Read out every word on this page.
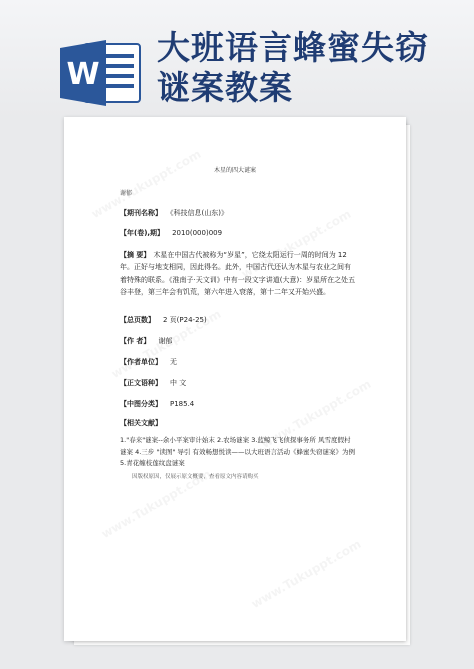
W
大班语言蜂蜜失窃
谜案教案
木星的四大谜案
谢郁
【期刊名称】 《科技信息(山东)》
【年(卷),期】 2010(000)009
【摘 要】 木星在中国古代被称为“岁星”，它绕太阳运行一周的时间为 12 年。正好与地支相同，因此得名。此外，中国古代还认为木星与农业之间有着特殊的联系。《淮南子·天文训》中有一段文字讲道(大意)：岁星所在之处五谷丰登，第三年会有饥荒，第六年进入衰落，第十二年又开始兴盛。
【总页数】 2 页(P24-25)
【作 者】 谢郁
【作者单位】 无
【正文语种】 中 文
【中图分类】 P185.4
【相关文献】
1."春来"谜案--余小平案审计始末 2.农场谜案 3.蓝鲸飞飞侦探事务所 风雪度假村谜案 4.三步 "读图" 导引 有效畅想悦读——以大班语言活动《蜂蜜失窃谜案》为例 5.青花缠枝莲纹盘谜案
因版权原因，仅展示原文概要，查看原文内容请购买
